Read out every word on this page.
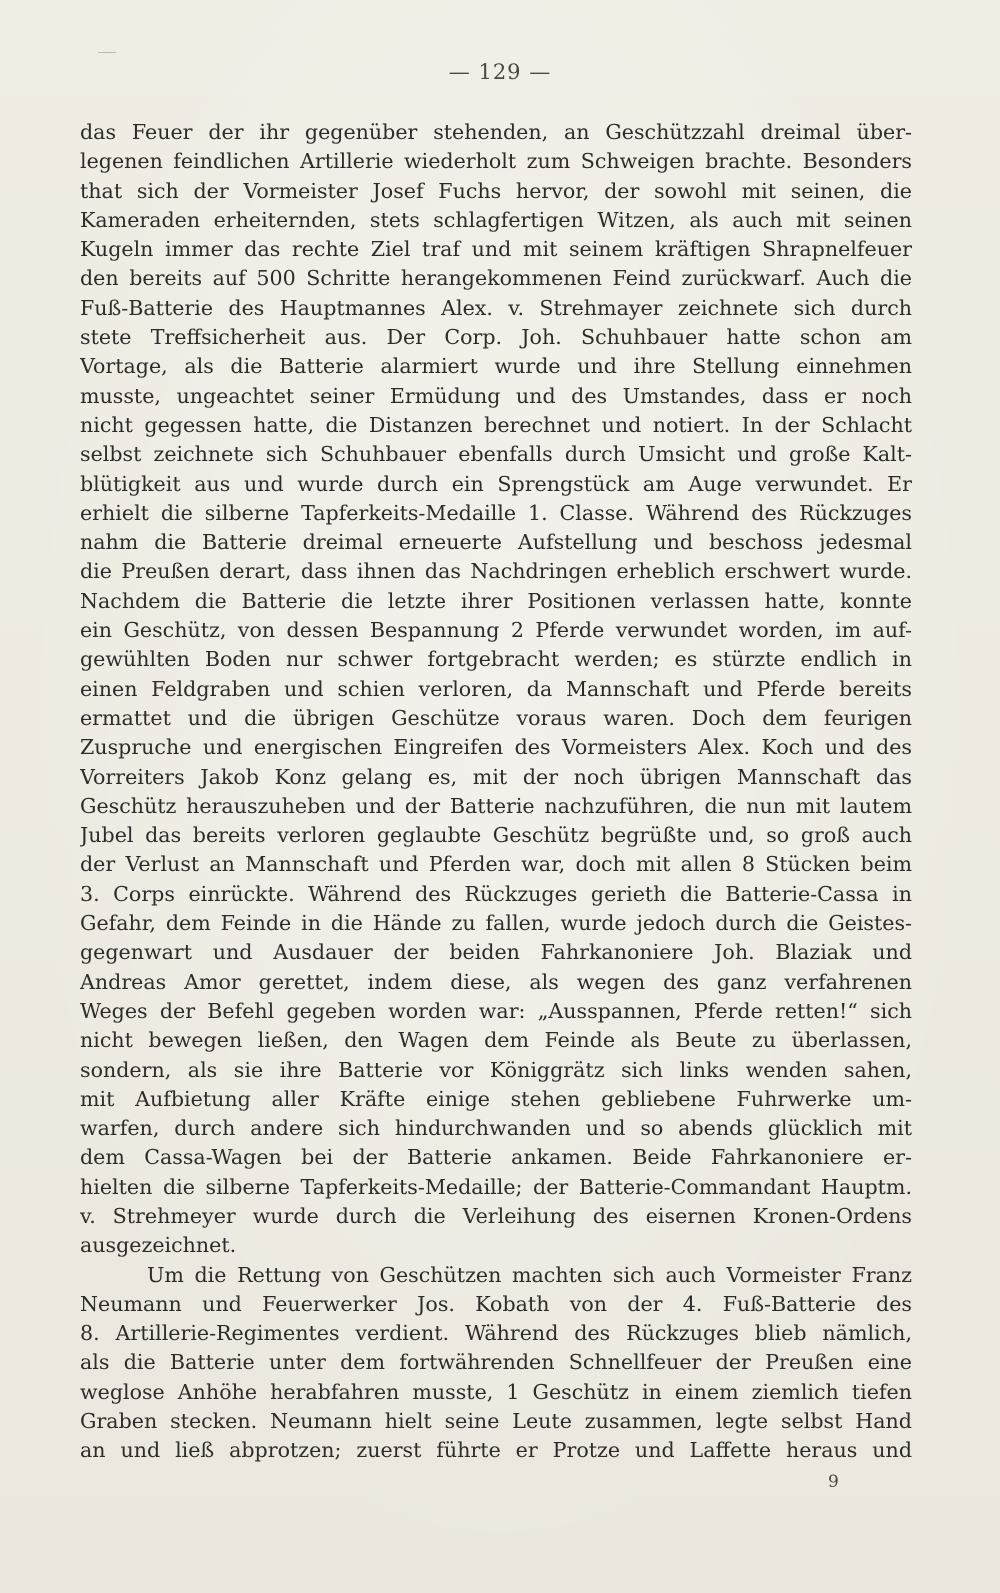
— 129 —
das Feuer der ihr gegenüber stehenden, an Geschützzahl dreimal über-
legenen feindlichen Artillerie wiederholt zum Schweigen brachte. Besonders
that sich der Vormeister Josef Fuchs hervor, der sowohl mit seinen, die
Kameraden erheiternden, stets schlagfertigen Witzen, als auch mit seinen
Kugeln immer das rechte Ziel traf und mit seinem kräftigen Shrapnelfeuer
den bereits auf 500 Schritte herangekommenen Feind zurückwarf. Auch die
Fuß-Batterie des Hauptmannes Alex. v. Strehmayer zeichnete sich durch
stete Treffsicherheit aus. Der Corp. Joh. Schuhbauer hatte schon am
Vortage, als die Batterie alarmiert wurde und ihre Stellung einnehmen
musste, ungeachtet seiner Ermüdung und des Umstandes, dass er noch
nicht gegessen hatte, die Distanzen berechnet und notiert. In der Schlacht
selbst zeichnete sich Schuhbauer ebenfalls durch Umsicht und große Kalt-
blütigkeit aus und wurde durch ein Sprengstück am Auge verwundet. Er
erhielt die silberne Tapferkeits-Medaille 1. Classe. Während des Rückzuges
nahm die Batterie dreimal erneuerte Aufstellung und beschoss jedesmal
die Preußen derart, dass ihnen das Nachdringen erheblich erschwert wurde.
Nachdem die Batterie die letzte ihrer Positionen verlassen hatte, konnte
ein Geschütz, von dessen Bespannung 2 Pferde verwundet worden, im auf-
gewühlten Boden nur schwer fortgebracht werden; es stürzte endlich in
einen Feldgraben und schien verloren, da Mannschaft und Pferde bereits
ermattet und die übrigen Geschütze voraus waren. Doch dem feurigen
Zuspruche und energischen Eingreifen des Vormeisters Alex. Koch und des
Vorreiters Jakob Konz gelang es, mit der noch übrigen Mannschaft das
Geschütz herauszuheben und der Batterie nachzuführen, die nun mit lautem
Jubel das bereits verloren geglaubte Geschütz begrüßte und, so groß auch
der Verlust an Mannschaft und Pferden war, doch mit allen 8 Stücken beim
3. Corps einrückte. Während des Rückzuges gerieth die Batterie-Cassa in
Gefahr, dem Feinde in die Hände zu fallen, wurde jedoch durch die Geistes-
gegenwart und Ausdauer der beiden Fahrkanoniere Joh. Blaziak und
Andreas Amor gerettet, indem diese, als wegen des ganz verfahrenen
Weges der Befehl gegeben worden war: „Ausspannen, Pferde retten!“ sich
nicht bewegen ließen, den Wagen dem Feinde als Beute zu überlassen,
sondern, als sie ihre Batterie vor Königgrätz sich links wenden sahen,
mit Aufbietung aller Kräfte einige stehen gebliebene Fuhrwerke um-
warfen, durch andere sich hindurchwanden und so abends glücklich mit
dem Cassa-Wagen bei der Batterie ankamen. Beide Fahrkanoniere er-
hielten die silberne Tapferkeits-Medaille; der Batterie-Commandant Hauptm.
v. Strehmeyer wurde durch die Verleihung des eisernen Kronen-Ordens
ausgezeichnet.
Um die Rettung von Geschützen machten sich auch Vormeister Franz
Neumann und Feuerwerker Jos. Kobath von der 4. Fuß-Batterie des
8. Artillerie-Regimentes verdient. Während des Rückzuges blieb nämlich,
als die Batterie unter dem fortwährenden Schnellfeuer der Preußen eine
weglose Anhöhe herabfahren musste, 1 Geschütz in einem ziemlich tiefen
Graben stecken. Neumann hielt seine Leute zusammen, legte selbst Hand
an und ließ abprotzen; zuerst führte er Protze und Laffette heraus und
9
